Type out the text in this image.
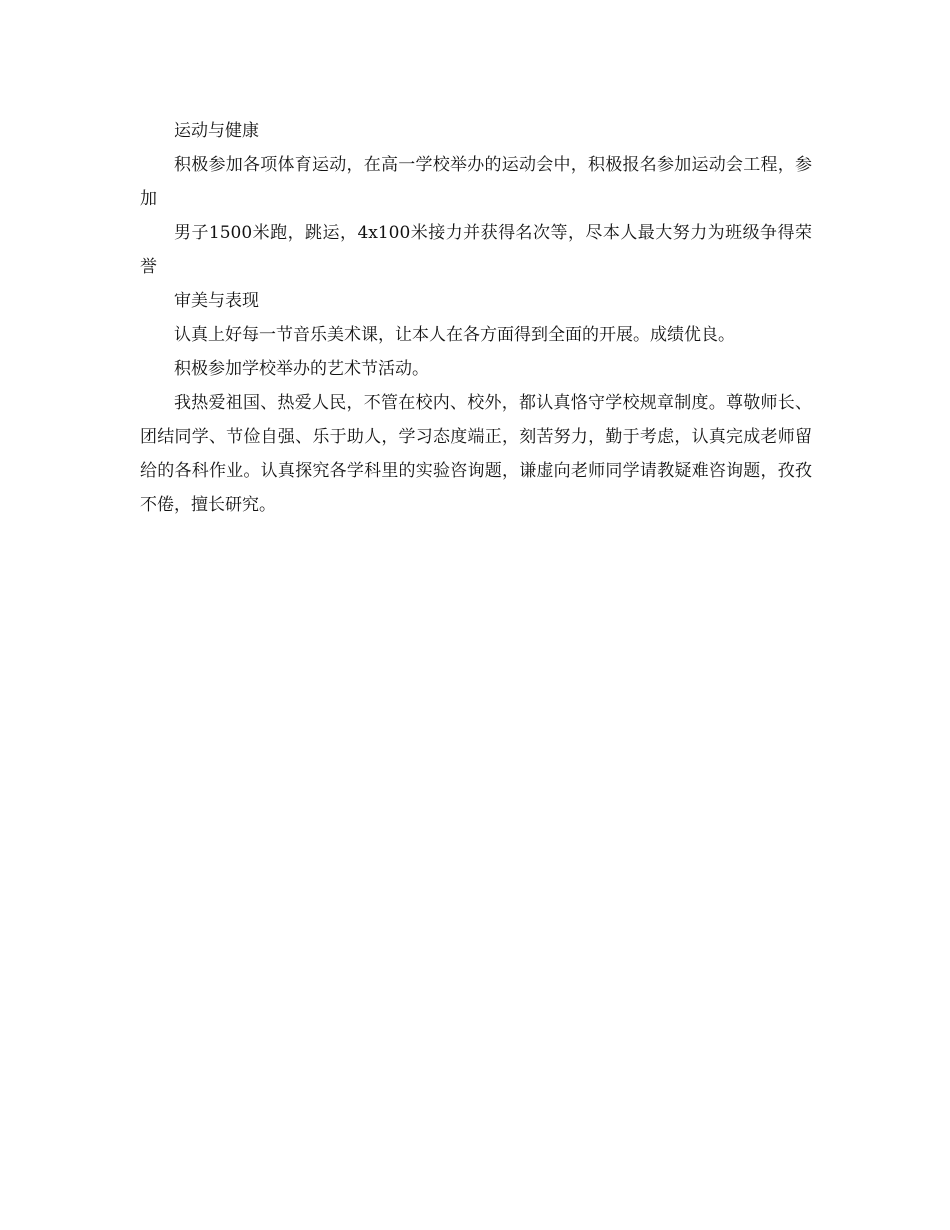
运动与健康

积极参加各项体育运动，在高一学校举办的运动会中，积极报名参加运动会工程，参加

男子1500米跑，跳运，4x100米接力并获得名次等，尽本人最大努力为班级争得荣誉

审美与表现

认真上好每一节音乐美术课，让本人在各方面得到全面的开展。成绩优良。

积极参加学校举办的艺术节活动。

我热爱祖国、热爱人民，不管在校内、校外，都认真恪守学校规章制度。尊敬师长、团结同学、节俭自强、乐于助人，学习态度端正，刻苦努力，勤于考虑，认真完成老师留给的各科作业。认真探究各学科里的实验咨询题，谦虚向老师同学请教疑难咨询题，孜孜不倦，擅长研究。
